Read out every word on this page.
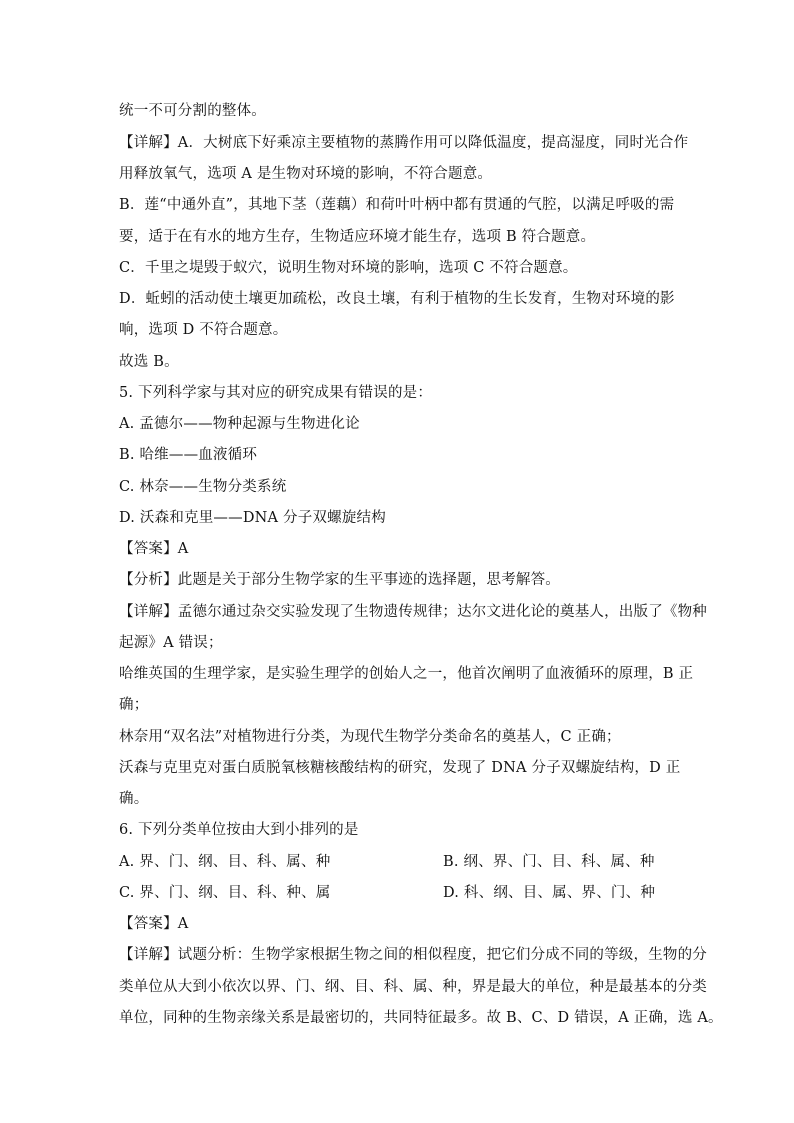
统一不可分割的整体。
【详解】A．大树底下好乘凉主要植物的蒸腾作用可以降低温度，提高湿度，同时光合作
用释放氧气，选项 A 是生物对环境的影响，不符合题意。
B．莲“中通外直”，其地下茎（莲藕）和荷叶叶柄中都有贯通的气腔，以满足呼吸的需
要，适于在有水的地方生存，生物适应环境才能生存，选项 B 符合题意。
C．千里之堤毁于蚁穴，说明生物对环境的影响，选项 C 不符合题意。
D．蚯蚓的活动使土壤更加疏松，改良土壤，有利于植物的生长发育，生物对环境的影
响，选项 D 不符合题意。
故选 B。
5. 下列科学家与其对应的研究成果有错误的是：
A. 孟德尔——物种起源与生物进化论
B. 哈维——血液循环
C. 林奈——生物分类系统
D. 沃森和克里——DNA 分子双螺旋结构
【答案】A
【分析】此题是关于部分生物学家的生平事迹的选择题，思考解答。
【详解】孟德尔通过杂交实验发现了生物遗传规律；达尔文进化论的奠基人，出版了《物种
起源》A 错误；
哈维英国的生理学家，是实验生理学的创始人之一，他首次阐明了血液循环的原理，B 正
确；
林奈用“双名法”对植物进行分类，为现代生物学分类命名的奠基人，C 正确；
沃森与克里克对蛋白质脱氧核糖核酸结构的研究，发现了 DNA 分子双螺旋结构，D 正
确。
6. 下列分类单位按由大到小排列的是
A. 界、门、纲、目、科、属、种	B. 纲、界、门、目、科、属、种
C. 界、门、纲、目、科、种、属	D. 科、纲、目、属、界、门、种
【答案】A
【详解】试题分析：生物学家根据生物之间的相似程度，把它们分成不同的等级，生物的分
类单位从大到小依次以界、门、纲、目、科、属、种，界是最大的单位，种是最基本的分类
单位，同种的生物亲缘关系是最密切的，共同特征最多。故 B、C、D 错误，A 正确，选 A。
